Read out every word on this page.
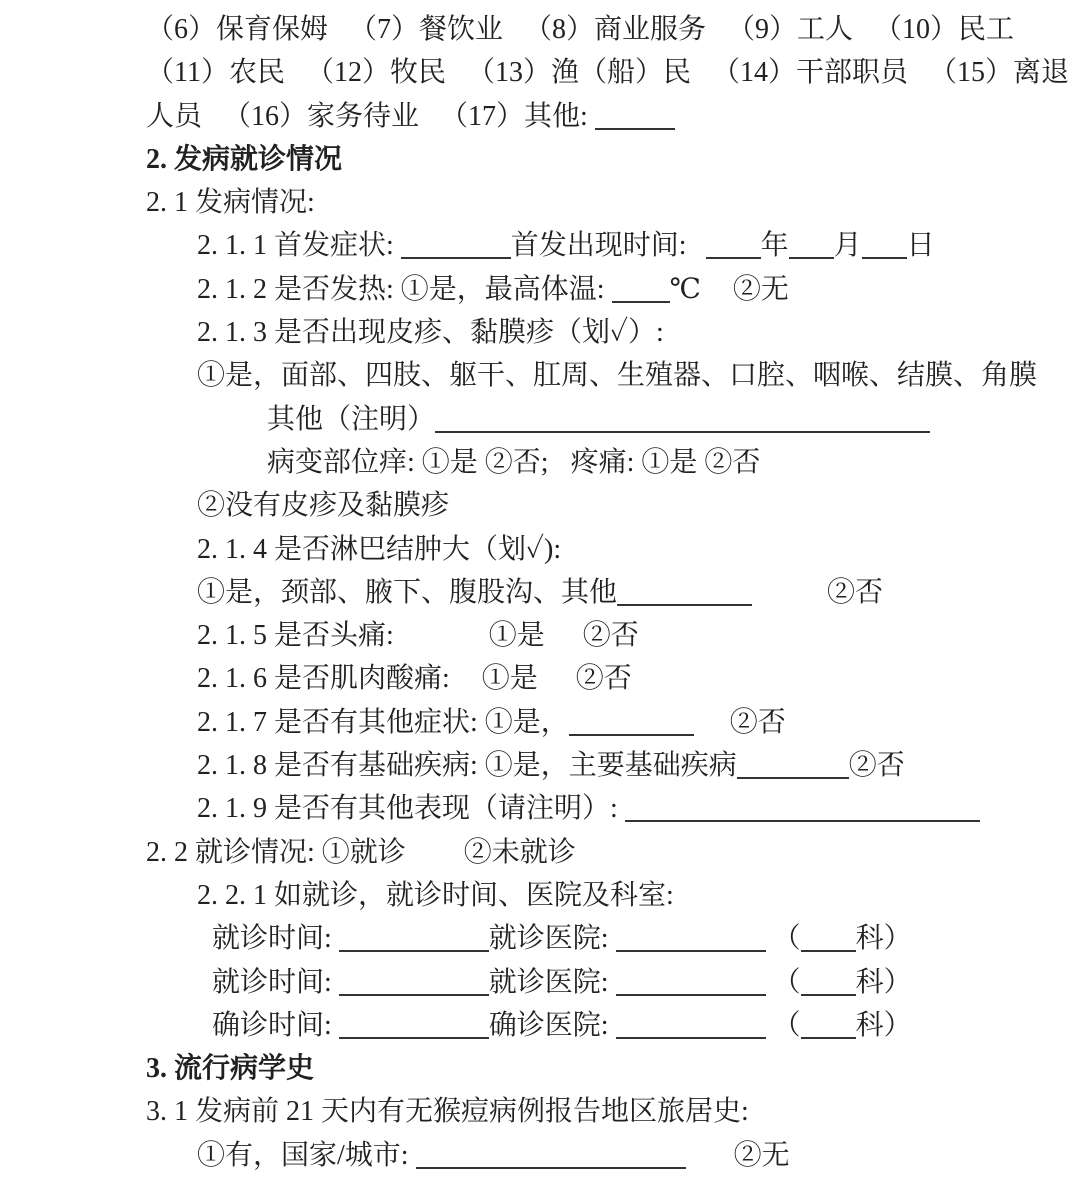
（6）保育保姆   （7）餐饮业   （8）商业服务   （9）工人   （10）民工
（11）农民   （12）牧民   （13）渔（船）民   （14）干部职员   （15）离退
人员   （16）家务待业   （17）其他:
2. 发病就诊情况
2. 1 发病情况:
2. 1. 1 首发症状:	首发出现时间: 年 月 日
2. 1. 2 是否发热: ①是，最高体温: ℃ ②无
2. 1. 3 是否出现皮疹、黏膜疹（划✓）:
①是，面部、四肢、躯干、肛周、生殖器、口腔、咽喉、结膜、角膜
其他（注明）
病变部位痒: ①是 ②否; 疼痛: ①是 ②否
②没有皮疹及黏膜疹
2. 1. 4 是否淋巴结肿大（划✓):
①是，颈部、腋下、腹股沟、其他	②否
2. 1. 5 是否头痛:	①是 ②否
2. 1. 6 是否肌肉酸痛: ①是 ②否
2. 1. 7 是否有其他症状: ①是，	②否
2. 1. 8 是否有基础疾病: ①是，主要基础疾病	②否
2. 1. 9 是否有其他表现（请注明）:
2. 2 就诊情况: ①就诊 ②未就诊
2. 2. 1 如就诊，就诊时间、医院及科室:
就诊时间:	就诊医院:	（ 科）
就诊时间:	就诊医院:	（ 科）
确诊时间:	确诊医院:	（ 科）
3. 流行病学史
3. 1 发病前 21 天内有无猴痘病例报告地区旅居史:
①有，国家/城市:	②无
